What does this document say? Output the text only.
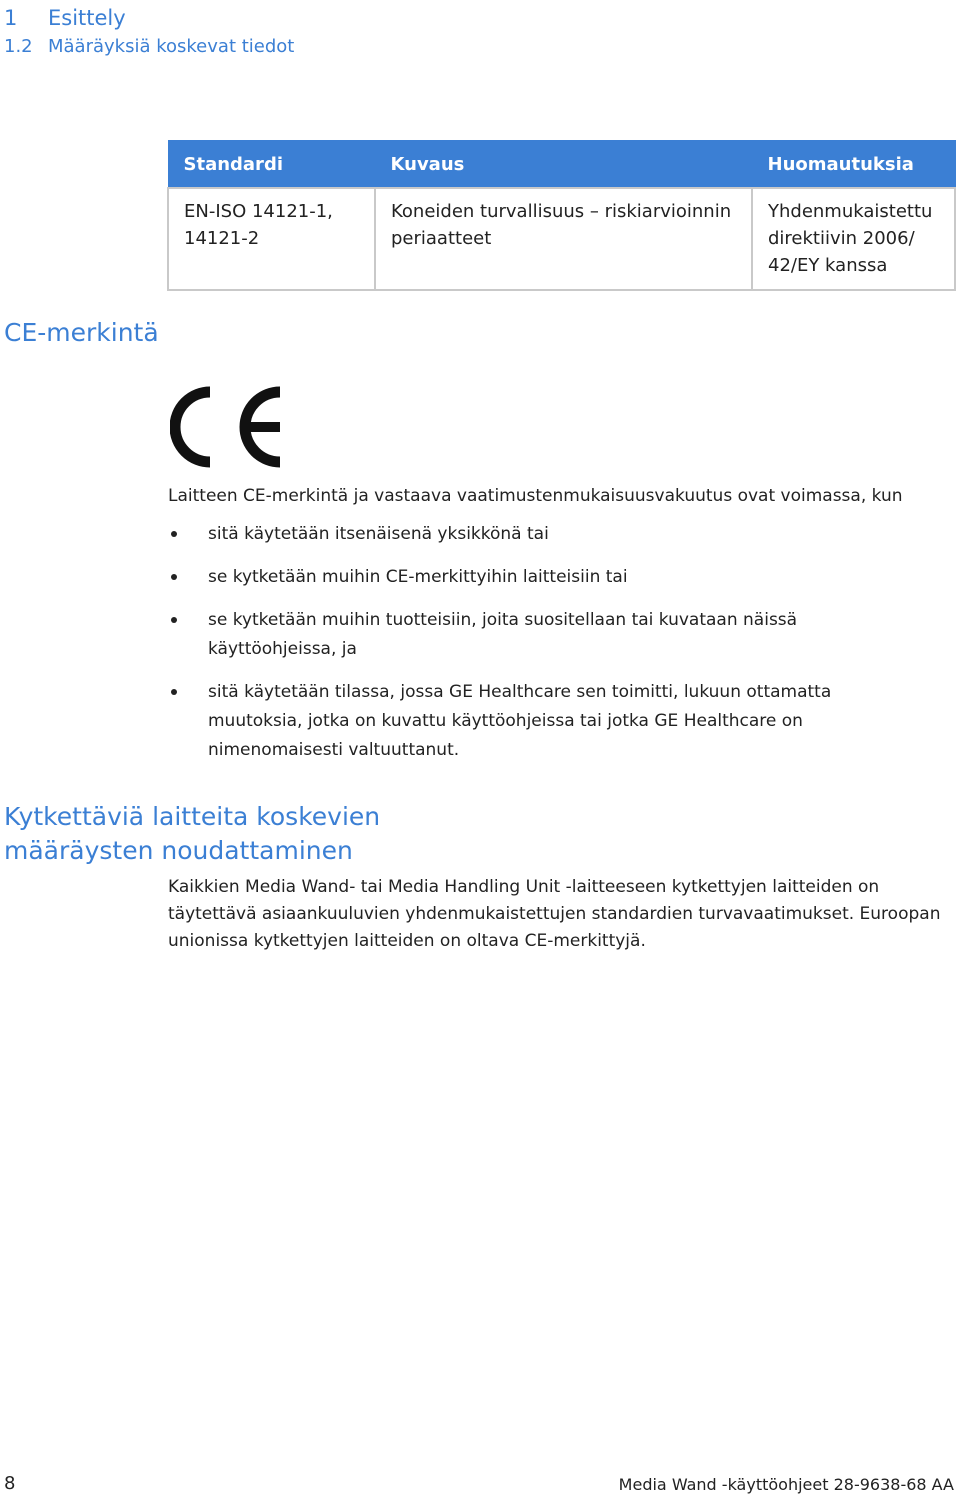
1 Esittely
1.2 Määräyksiä koskevat tiedot
Standardi	Kuvaus	Huomautuksia
EN-ISO 14121-1, 14121-2	Koneiden turvallisuus – riskiarvioinnin periaatteet	Yhdenmukaistettu direktiivin 2006/ 42/EY kanssa
CE-merkintä
Laitteen CE-merkintä ja vastaava vaatimustenmukaisuusvakuutus ovat voimassa, kun
sitä käytetään itsenäisenä yksikkönä tai
se kytketään muihin CE-merkittyihin laitteisiin tai
se kytketään muihin tuotteisiin, joita suositellaan tai kuvataan näissä käyttöohjeissa, ja
sitä käytetään tilassa, jossa GE Healthcare sen toimitti, lukuun ottamatta muutoksia, jotka on kuvattu käyttöohjeissa tai jotka GE Healthcare on nimenomaisesti valtuuttanut.
Kytkettäviä laitteita koskevien määräysten noudattaminen
Kaikkien Media Wand- tai Media Handling Unit -laitteeseen kytkettyjen laitteiden on täytettävä asiaankuuluvien yhdenmukaistettujen standardien turvavaatimukset. Euroopan unionissa kytkettyjen laitteiden on oltava CE-merkittyjä.
8	Media Wand -käyttöohjeet 28-9638-68 AA
